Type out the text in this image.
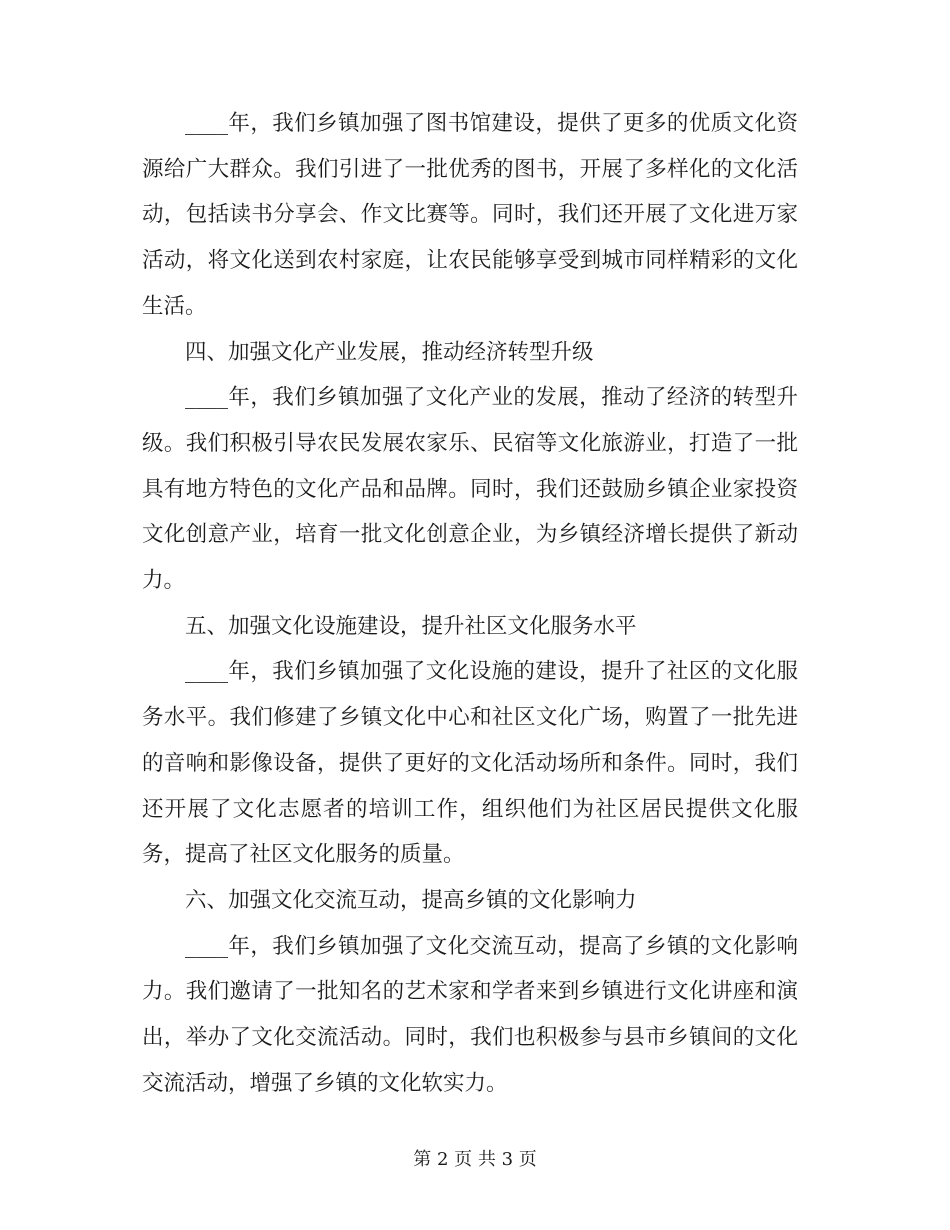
____年，我们乡镇加强了图书馆建设，提供了更多的优质文化资源给广大群众。我们引进了一批优秀的图书，开展了多样化的文化活动，包括读书分享会、作文比赛等。同时，我们还开展了文化进万家活动，将文化送到农村家庭，让农民能够享受到城市同样精彩的文化生活。

四、加强文化产业发展，推动经济转型升级

____年，我们乡镇加强了文化产业的发展，推动了经济的转型升级。我们积极引导农民发展农家乐、民宿等文化旅游业，打造了一批具有地方特色的文化产品和品牌。同时，我们还鼓励乡镇企业家投资文化创意产业，培育一批文化创意企业，为乡镇经济增长提供了新动力。

五、加强文化设施建设，提升社区文化服务水平

____年，我们乡镇加强了文化设施的建设，提升了社区的文化服务水平。我们修建了乡镇文化中心和社区文化广场，购置了一批先进的音响和影像设备，提供了更好的文化活动场所和条件。同时，我们还开展了文化志愿者的培训工作，组织他们为社区居民提供文化服务，提高了社区文化服务的质量。

六、加强文化交流互动，提高乡镇的文化影响力

____年，我们乡镇加强了文化交流互动，提高了乡镇的文化影响力。我们邀请了一批知名的艺术家和学者来到乡镇进行文化讲座和演出，举办了文化交流活动。同时，我们也积极参与县市乡镇间的文化交流活动，增强了乡镇的文化软实力。

第 2 页 共 3 页
